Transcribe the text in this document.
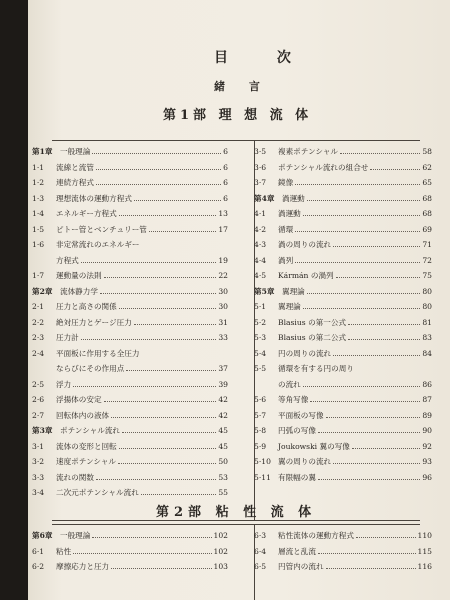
目 次
緒 言
第1部 理 想 流 体
第1章 一般理論	6
1·1	流線と流管	6
1·2	連続方程式	6
1·3	理想流体の運動方程式	6
1·4	エネルギー方程式	13
1·5	ピトー管とベンチュリー管	17
1·6	非定常流れのエネルギー
方程式	19
1·7	運動量の法則	22
第2章 流体静力学	30
2·1	圧力と高さの関係	30
2·2	絶対圧力とゲージ圧力	31
2·3	圧力計	33
2·4	平面板に作用する全圧力
ならびにその作用点	37
2·5	浮力	39
2·6	浮揚体の安定	42
2·7	回転体内の液体	42
第3章 ポテンシャル流れ	45
3·1	流体の変形と回転	45
3·2	速度ポテンシャル	50
3·3	流れの関数	53
3·4	二次元ポテンシャル流れ	55
3·5	複素ポテンシャル	58
3·6	ポテンシャル流れの組合せ	62
3·7	鏡像	65
第4章 渦運動	68
4·1	渦運動	68
4·2	循環	69
4·3	渦の周りの流れ	71
4·4	渦列	72
4·5	Kármán の渦列	75
第5章 翼理論	80
5·1	翼理論	80
5·2	Blasius の第一公式	81
5·3	Blasius の第二公式	83
5·4	円の周りの流れ	84
5·5	循環を有する円の周り
の流れ	86
5·6	等角写像	87
5·7	平面板の写像	89
5·8	円弧の写像	90
5·9	Joukowski 翼の写像	92
5·10 翼の周りの流れ	93
5·11 有限幅の翼	96
第2部 粘 性 流 体
第6章 一般理論	102
6·1	粘性	102
6·2	摩擦応力と圧力	103
6·3	粘性流体の運動方程式	110
6·4	層流と乱流	115
6·5	円管内の流れ	116
